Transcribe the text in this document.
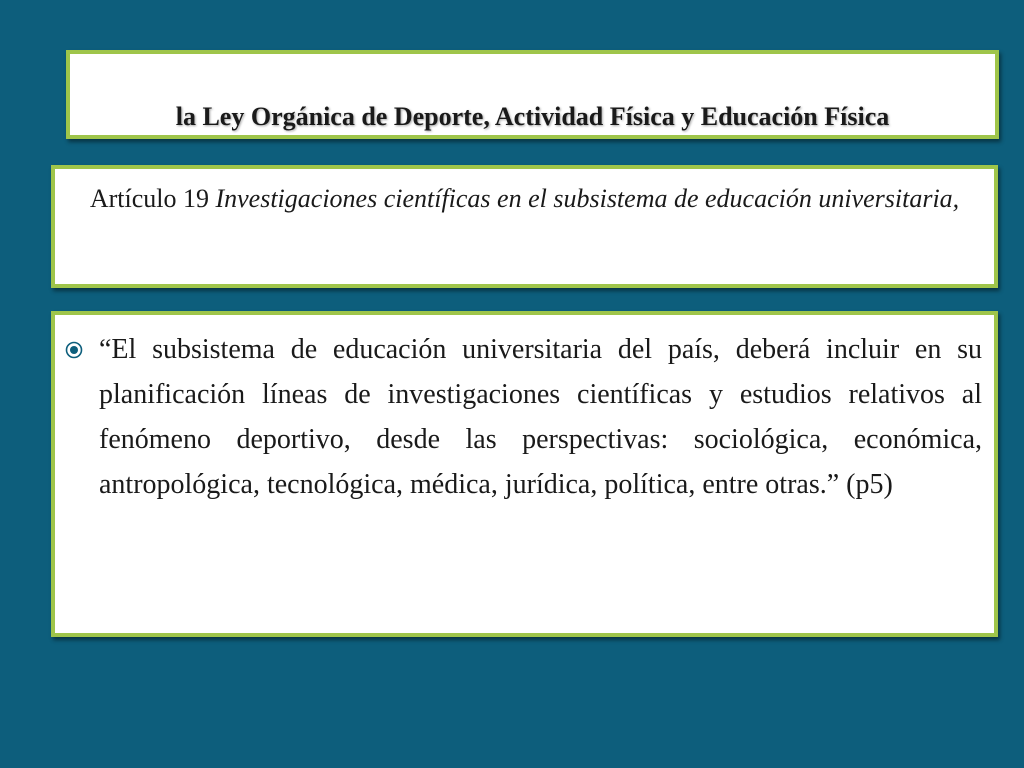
la Ley Orgánica de Deporte, Actividad Física y Educación Física
Artículo 19 Investigaciones científicas en el subsistema de educación universitaria,
“El subsistema de educación universitaria del país, deberá incluir en su planificación líneas de investigaciones científicas y estudios relativos al fenómeno deportivo, desde las perspectivas: sociológica, económica, antropológica, tecnológica, médica, jurídica, política, entre otras.” (p5)
